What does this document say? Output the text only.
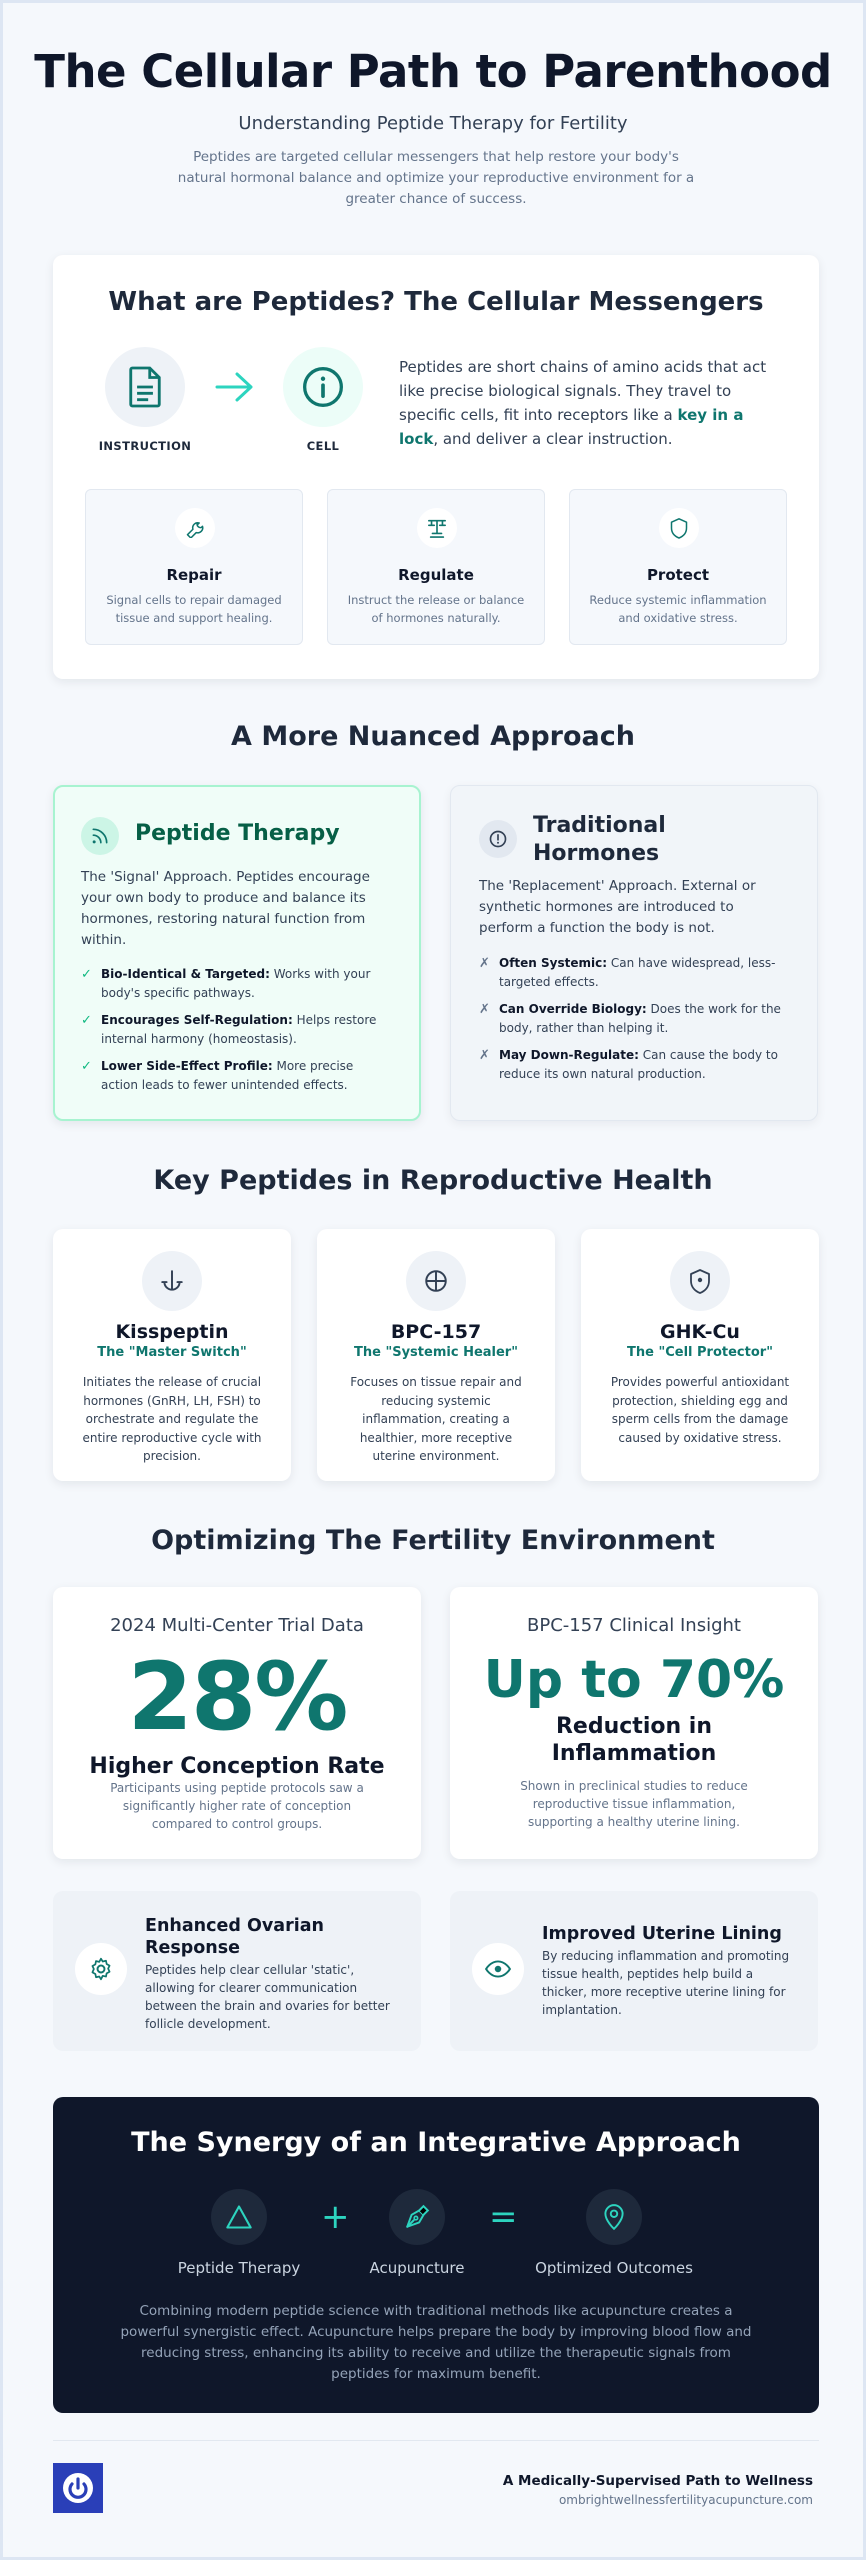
The Cellular Path to Parenthood
Understanding Peptide Therapy for Fertility
Peptides are targeted cellular messengers that help restore your body's natural hormonal balance and optimize your reproductive environment for a greater chance of success.
What are Peptides? The Cellular Messengers
INSTRUCTION	CELL
Peptides are short chains of amino acids that act like precise biological signals. They travel to specific cells, fit into receptors like a key in a lock, and deliver a clear instruction.
Repair
Signal cells to repair damaged tissue and support healing.
Regulate
Instruct the release or balance of hormones naturally.
Protect
Reduce systemic inflammation and oxidative stress.
A More Nuanced Approach
Peptide Therapy
The 'Signal' Approach. Peptides encourage your own body to produce and balance its hormones, restoring natural function from within.
✓ Bio-Identical & Targeted: Works with your body's specific pathways.
✓ Encourages Self-Regulation: Helps restore internal harmony (homeostasis).
✓ Lower Side-Effect Profile: More precise action leads to fewer unintended effects.
Traditional Hormones
The 'Replacement' Approach. External or synthetic hormones are introduced to perform a function the body is not.
✗ Often Systemic: Can have widespread, less-targeted effects.
✗ Can Override Biology: Does the work for the body, rather than helping it.
✗ May Down-Regulate: Can cause the body to reduce its own natural production.
Key Peptides in Reproductive Health
Kisspeptin
The "Master Switch"
Initiates the release of crucial hormones (GnRH, LH, FSH) to orchestrate and regulate the entire reproductive cycle with precision.
BPC-157
The "Systemic Healer"
Focuses on tissue repair and reducing systemic inflammation, creating a healthier, more receptive uterine environment.
GHK-Cu
The "Cell Protector"
Provides powerful antioxidant protection, shielding egg and sperm cells from the damage caused by oxidative stress.
Optimizing The Fertility Environment
2024 Multi-Center Trial Data
28%
Higher Conception Rate
Participants using peptide protocols saw a significantly higher rate of conception compared to control groups.
BPC-157 Clinical Insight
Up to 70%
Reduction in Inflammation
Shown in preclinical studies to reduce reproductive tissue inflammation, supporting a healthy uterine lining.
Enhanced Ovarian Response
Peptides help clear cellular 'static', allowing for clearer communication between the brain and ovaries for better follicle development.
Improved Uterine Lining
By reducing inflammation and promoting tissue health, peptides help build a thicker, more receptive uterine lining for implantation.
The Synergy of an Integrative Approach
Peptide Therapy
+
Acupuncture
=
Optimized Outcomes
Combining modern peptide science with traditional methods like acupuncture creates a powerful synergistic effect. Acupuncture helps prepare the body by improving blood flow and reducing stress, enhancing its ability to receive and utilize the therapeutic signals from peptides for maximum benefit.
A Medically-Supervised Path to Wellness
ombrightwellnessfertilityacupuncture.com
